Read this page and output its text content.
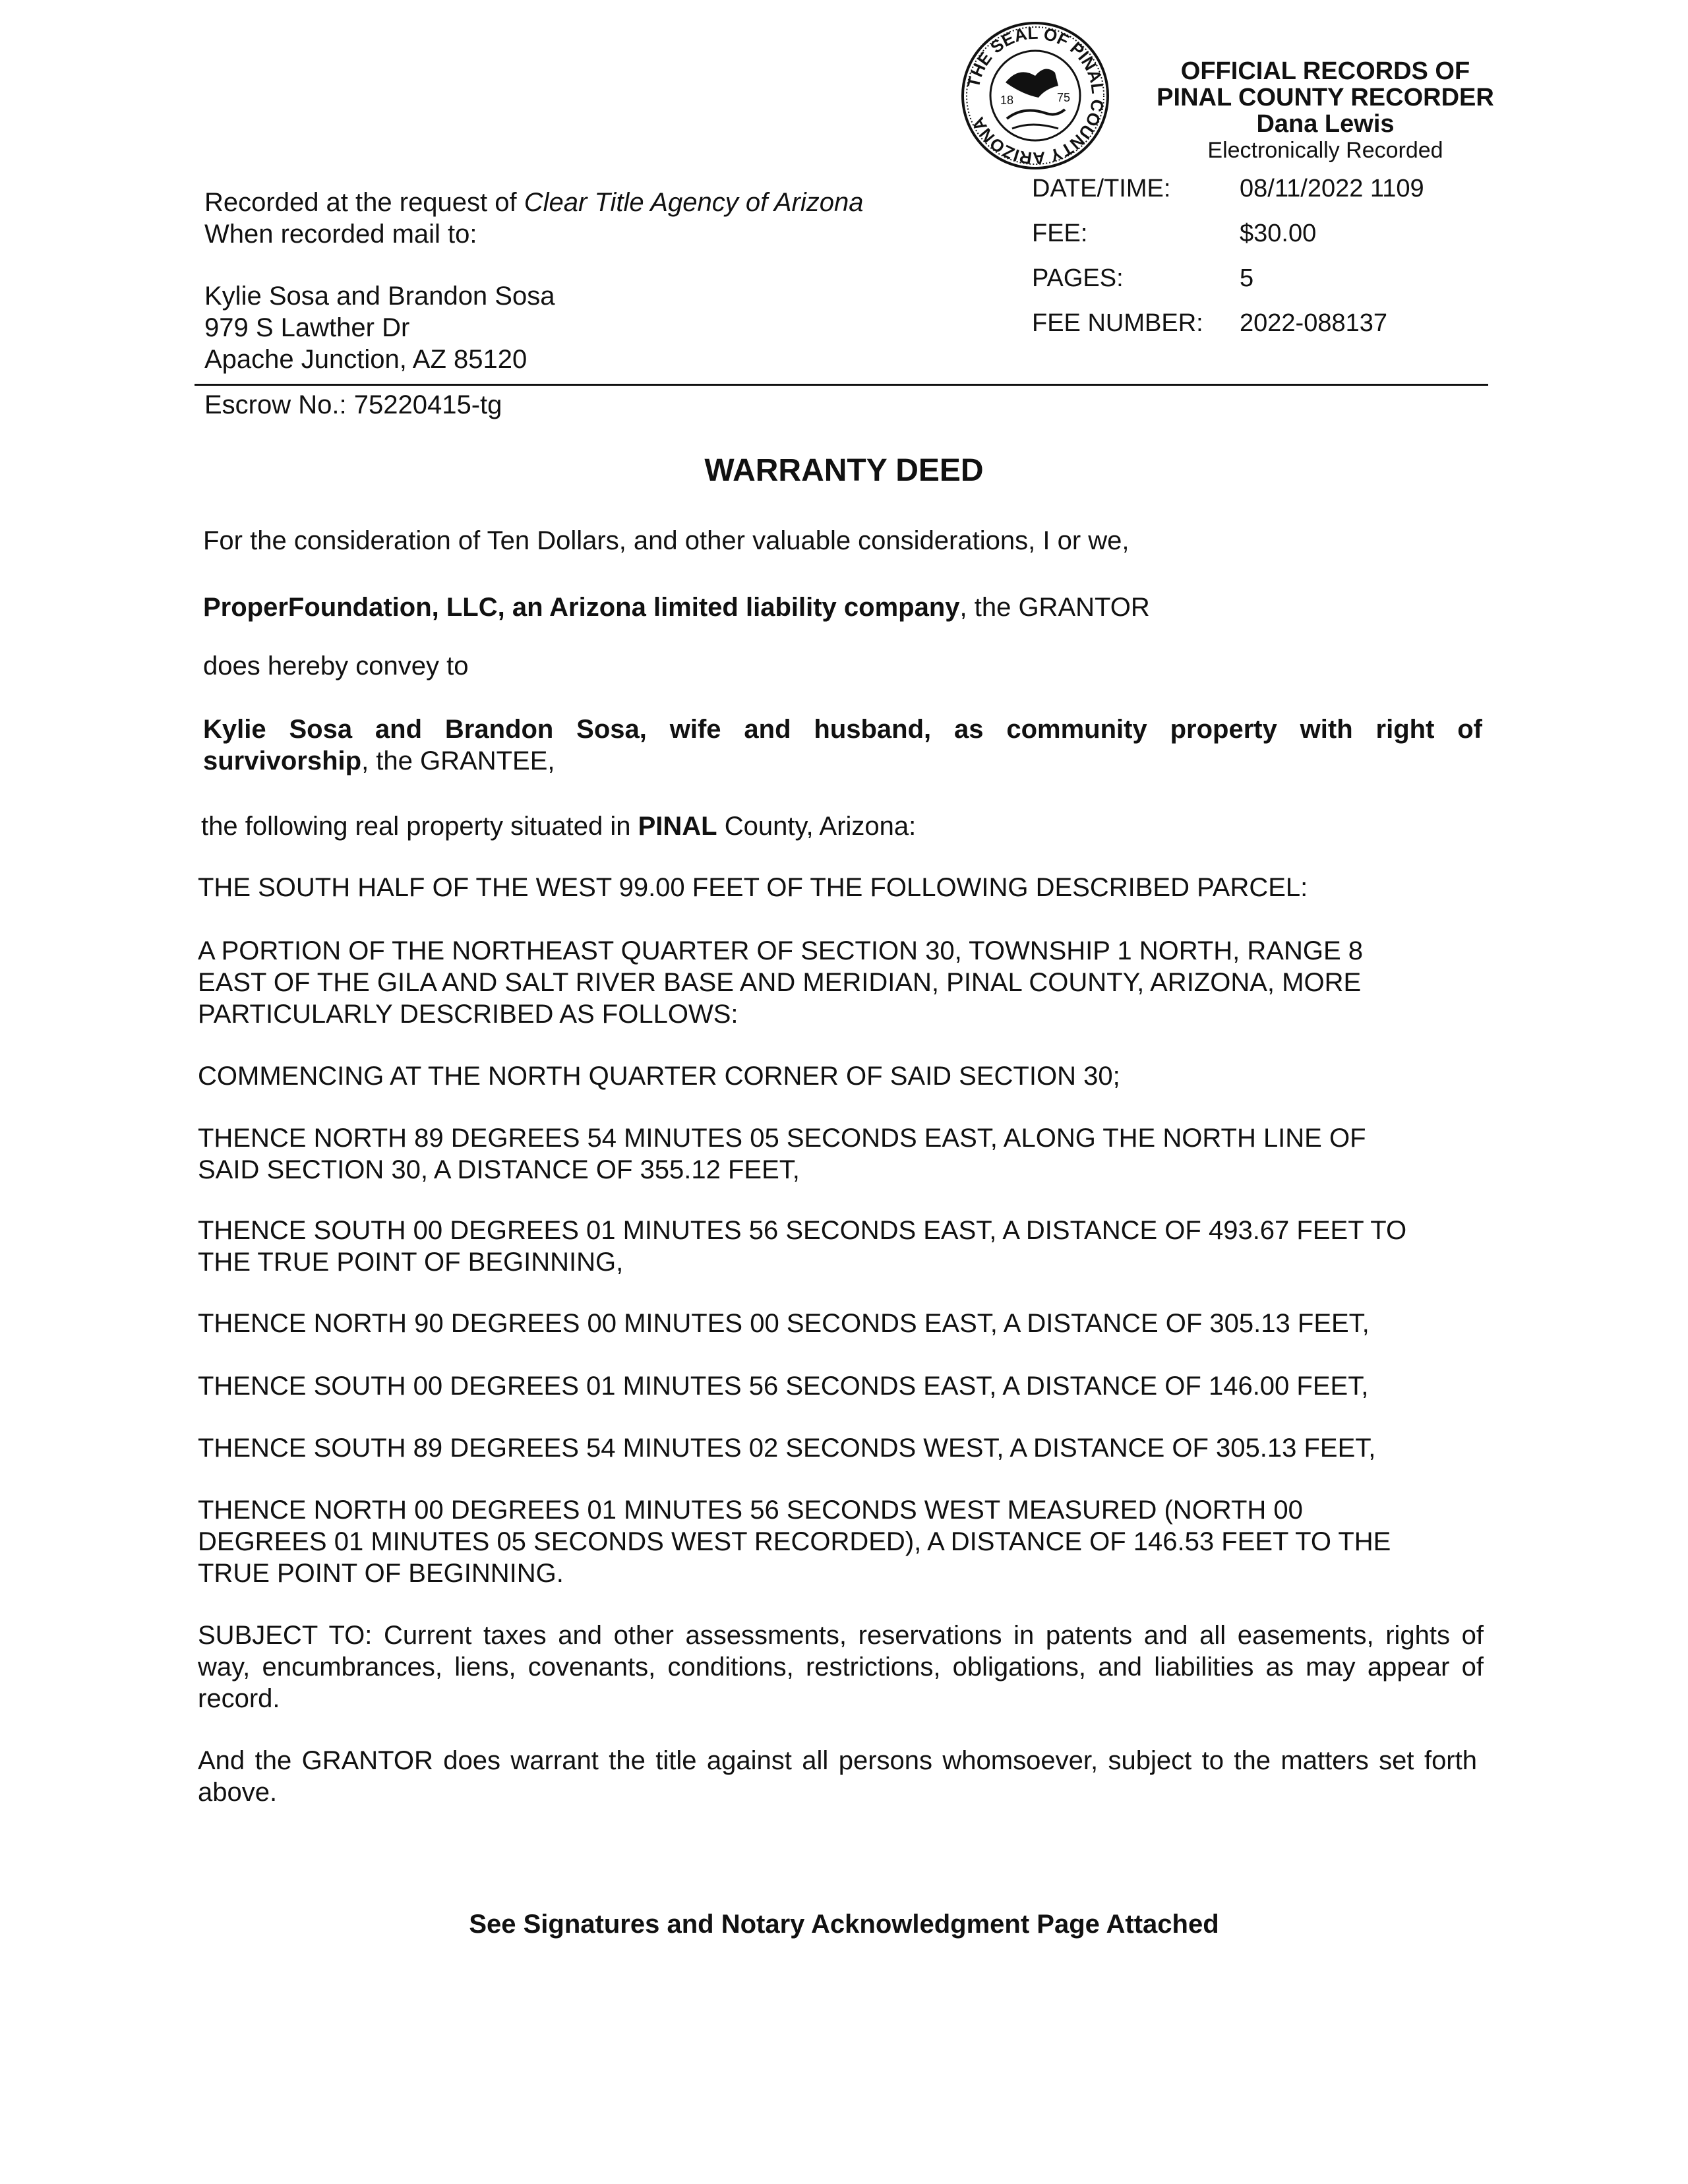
THE SEAL OF PINAL COUNTY ARIZONA
18	75
OFFICIAL RECORDS OF
PINAL COUNTY RECORDER
Dana Lewis
Electronically Recorded
DATE/TIME:	08/11/2022 1109
FEE:	$30.00
PAGES:	5
FEE NUMBER: 2022-088137
Recorded at the request of Clear Title Agency of Arizona
When recorded mail to:
Kylie Sosa and Brandon Sosa
979 S Lawther Dr
Apache Junction, AZ 85120
Escrow No.: 75220415-tg
WARRANTY DEED
For the consideration of Ten Dollars, and other valuable considerations, I or we,
ProperFoundation, LLC, an Arizona limited liability company, the GRANTOR
does hereby convey to
Kylie Sosa and Brandon Sosa, wife and husband, as community property with right of
survivorship, the GRANTEE,
the following real property situated in PINAL County, Arizona:
THE SOUTH HALF OF THE WEST 99.00 FEET OF THE FOLLOWING DESCRIBED PARCEL:
A PORTION OF THE NORTHEAST QUARTER OF SECTION 30, TOWNSHIP 1 NORTH, RANGE 8
EAST OF THE GILA AND SALT RIVER BASE AND MERIDIAN, PINAL COUNTY, ARIZONA, MORE
PARTICULARLY DESCRIBED AS FOLLOWS:
COMMENCING AT THE NORTH QUARTER CORNER OF SAID SECTION 30;
THENCE NORTH 89 DEGREES 54 MINUTES 05 SECONDS EAST, ALONG THE NORTH LINE OF
SAID SECTION 30, A DISTANCE OF 355.12 FEET,
THENCE SOUTH 00 DEGREES 01 MINUTES 56 SECONDS EAST, A DISTANCE OF 493.67 FEET TO
THE TRUE POINT OF BEGINNING,
THENCE NORTH 90 DEGREES 00 MINUTES 00 SECONDS EAST, A DISTANCE OF 305.13 FEET,
THENCE SOUTH 00 DEGREES 01 MINUTES 56 SECONDS EAST, A DISTANCE OF 146.00 FEET,
THENCE SOUTH 89 DEGREES 54 MINUTES 02 SECONDS WEST, A DISTANCE OF 305.13 FEET,
THENCE NORTH 00 DEGREES 01 MINUTES 56 SECONDS WEST MEASURED (NORTH 00
DEGREES 01 MINUTES 05 SECONDS WEST RECORDED), A DISTANCE OF 146.53 FEET TO THE
TRUE POINT OF BEGINNING.
SUBJECT TO: Current taxes and other assessments, reservations in patents and all easements, rights of
way, encumbrances, liens, covenants, conditions, restrictions, obligations, and liabilities as may appear of
record.
And the GRANTOR does warrant the title against all persons whomsoever, subject to the matters set forth
above.
See Signatures and Notary Acknowledgment Page Attached
